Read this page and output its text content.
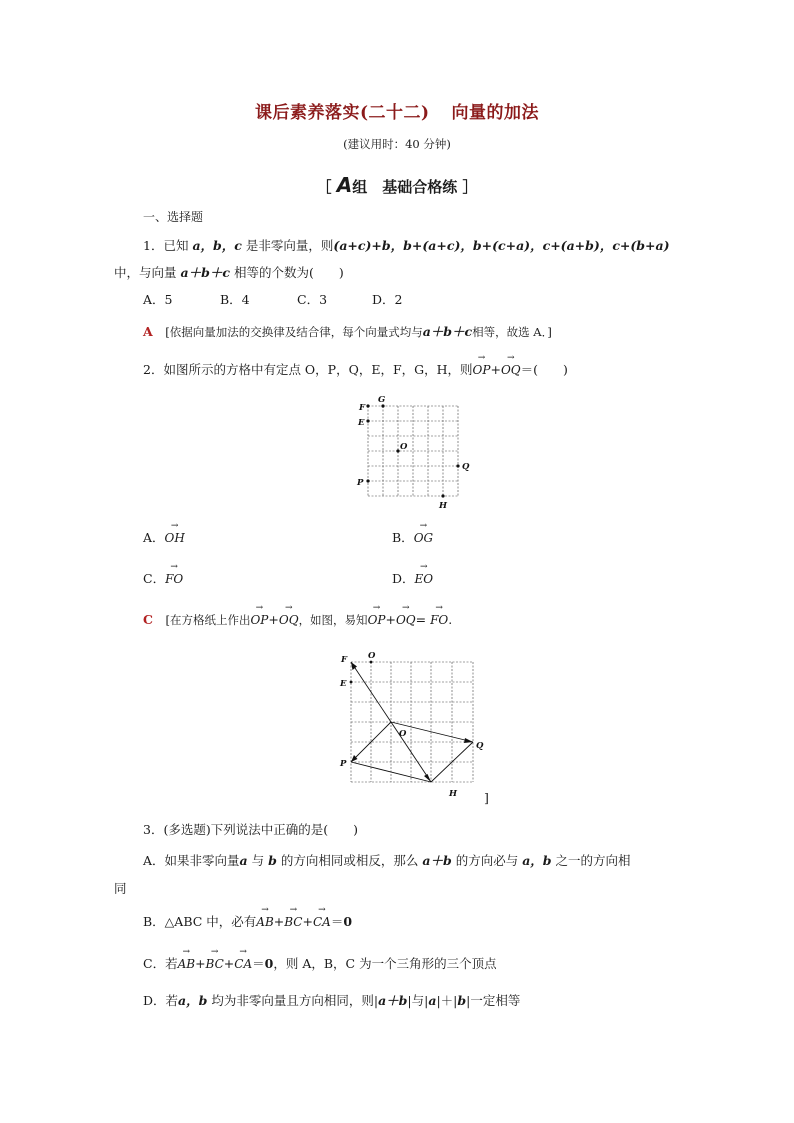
课后素养落实(二十二) 向量的加法
(建议用时：40 分钟)
［ A组　基础合格练 ］
一、选择题
1．已知 a，b，c 是非零向量，则(a+c)+b，b+(a+c)，b+(c+a)，c+(a+b)，c+(b+a)
中，与向量 a＋b＋c 相等的个数为(　　)
A．5	B．4	C．3	D．2
A　 [依据向量加法的交换律及结合律，每个向量式均与a＋b＋c相等，故选 A．]
2．如图所示的方格中有定点 O，P，Q，E，F，G，H，则→ OP+→ OQ＝(　　)
F
G
E
O
Q
P
H
A．→ OH	B．→ OG
C．→ FO	D．→ EO
C　 [在方格纸上作出→ OP+→ OQ，如图，易知→ OP+→ OQ= → FO.
F O
E
O
Q
P
H ]
3．(多选题)下列说法中正确的是(　　)
A．如果非零向量a 与 b 的方向相同或相反，那么 a＋b 的方向必与 a，b 之一的方向相
同
B．△ABC 中，必有→ AB+→ BC+→ CA＝0
C．若→ AB+→ BC+→ CA＝0，则 A，B，C 为一个三角形的三个顶点
D．若a，b 均为非零向量且方向相同，则|a＋b|与|a|＋|b|一定相等
